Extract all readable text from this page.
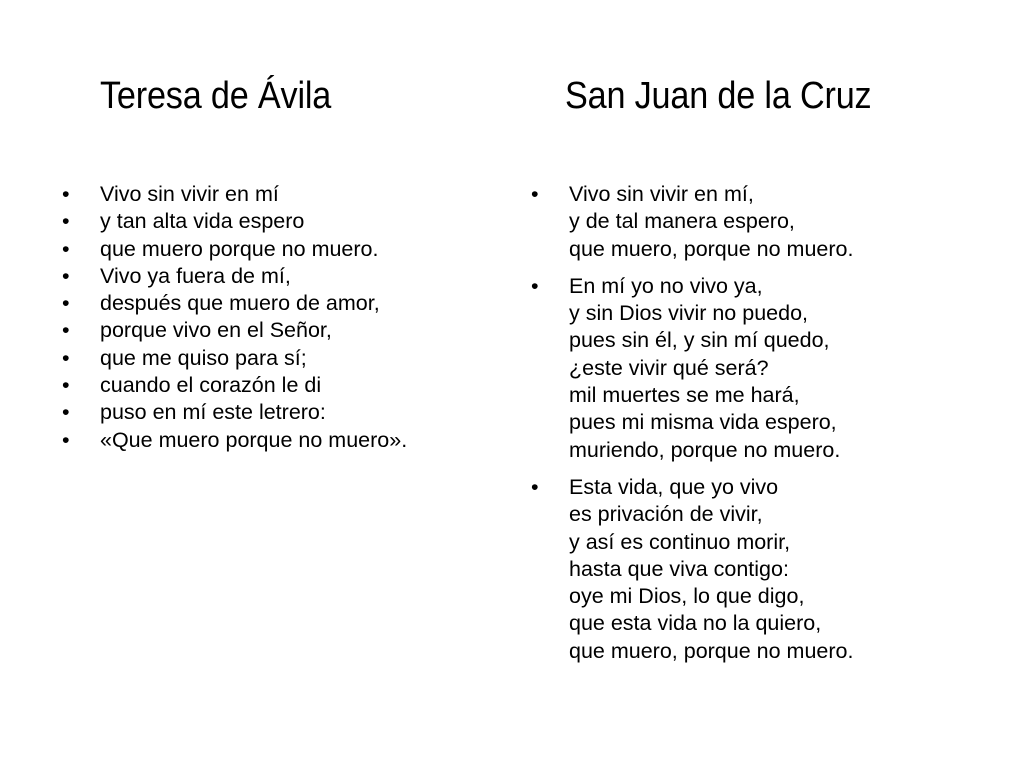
Teresa de Ávila	San Juan de la Cruz
•	Vivo sin vivir en mí
•	y tan alta vida espero
•	que muero porque no muero.
•	Vivo ya fuera de mí,
•	después que muero de amor,
•	porque vivo en el Señor,
•	que me quiso para sí;
•	cuando el corazón le di
•	puso en mí este letrero:
•	«Que muero porque no muero».
•	Vivo sin vivir en mí,
y de tal manera espero,
que muero, porque no muero.
•	En mí yo no vivo ya,
y sin Dios vivir no puedo,
pues sin él, y sin mí quedo,
¿este vivir qué será?
mil muertes se me hará,
pues mi misma vida espero,
muriendo, porque no muero.
•	Esta vida, que yo vivo
es privación de vivir,
y así es continuo morir,
hasta que viva contigo:
oye mi Dios, lo que digo,
que esta vida no la quiero,
que muero, porque no muero.
